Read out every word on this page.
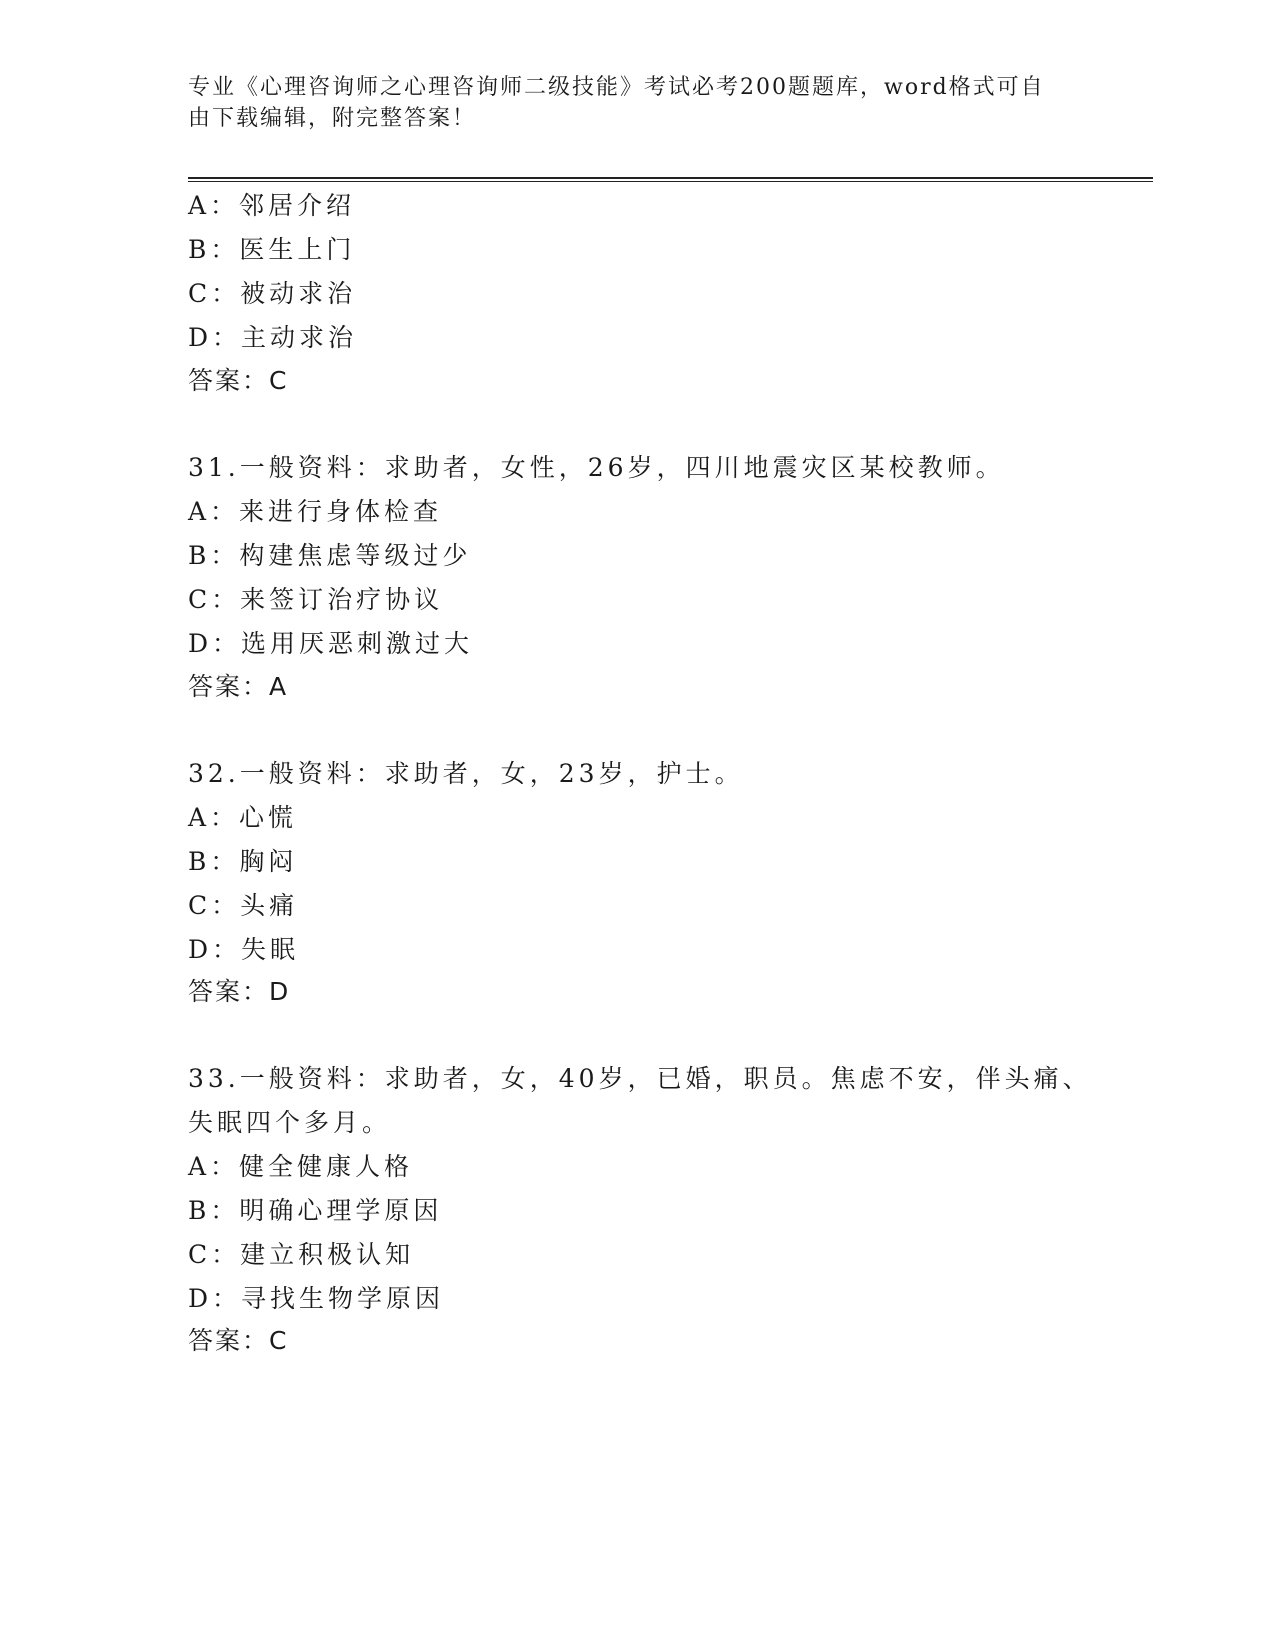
专业《心理咨询师之心理咨询师二级技能》考试必考200题题库，word格式可自
由下载编辑，附完整答案！
A：邻居介绍
B：医生上门
C：被动求治
D：主动求治
答案：C
31.一般资料：求助者，女性，26岁，四川地震灾区某校教师。
A：来进行身体检查
B：构建焦虑等级过少
C：来签订治疗协议
D：选用厌恶刺激过大
答案：A
32.一般资料：求助者，女，23岁，护士。
A：心慌
B：胸闷
C：头痛
D：失眠
答案：D
33.一般资料：求助者，女，40岁，已婚，职员。焦虑不安，伴头痛、
失眠四个多月。
A：健全健康人格
B：明确心理学原因
C：建立积极认知
D：寻找生物学原因
答案：C
